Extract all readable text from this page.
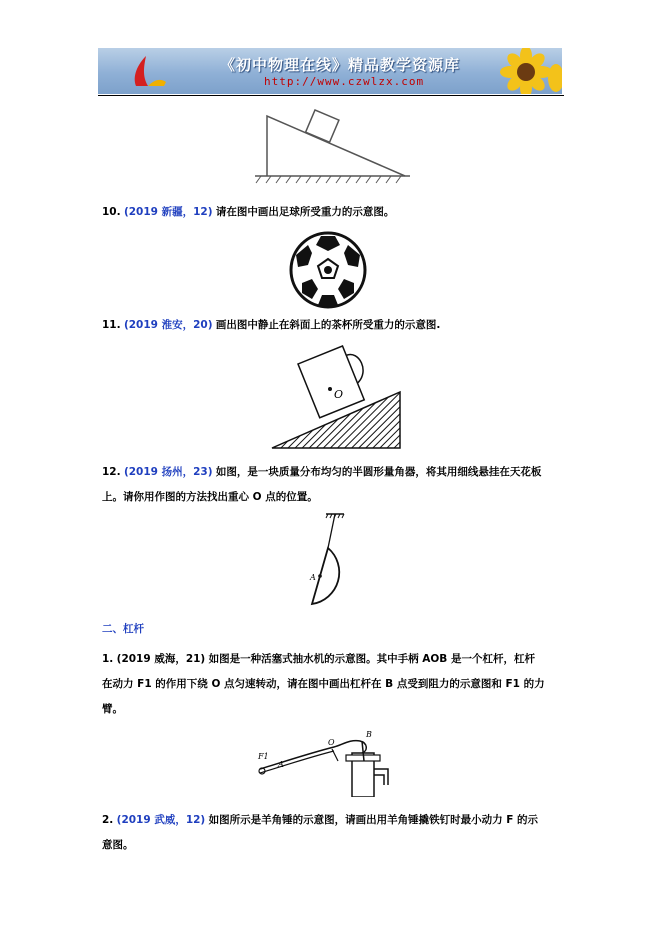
《初中物理在线》精品教学资源库
http://www.czwlzx.com
10. (2019 新疆，12) 请在图中画出足球所受重力的示意图。
11. (2019 淮安，20) 画出图中静止在斜面上的茶杯所受重力的示意图.
O
12. (2019 扬州，23) 如图，是一块质量分布均匀的半圆形量角器，将其用细线悬挂在天花板
上。请你用作图的方法找出重心 O 点的位置。
A
二、杠杆
1. (2019 威海，21) 如图是一种活塞式抽水机的示意图。其中手柄 AOB 是一个杠杆，杠杆
在动力 F1 的作用下绕 O 点匀速转动，请在图中画出杠杆在 B 点受到阻力的示意图和 F1 的力
臂。
F1
A
O
B
2. (2019 武威，12) 如图所示是羊角锤的示意图，请画出用羊角锤撬铁钉时最小动力 F 的示
意图。
